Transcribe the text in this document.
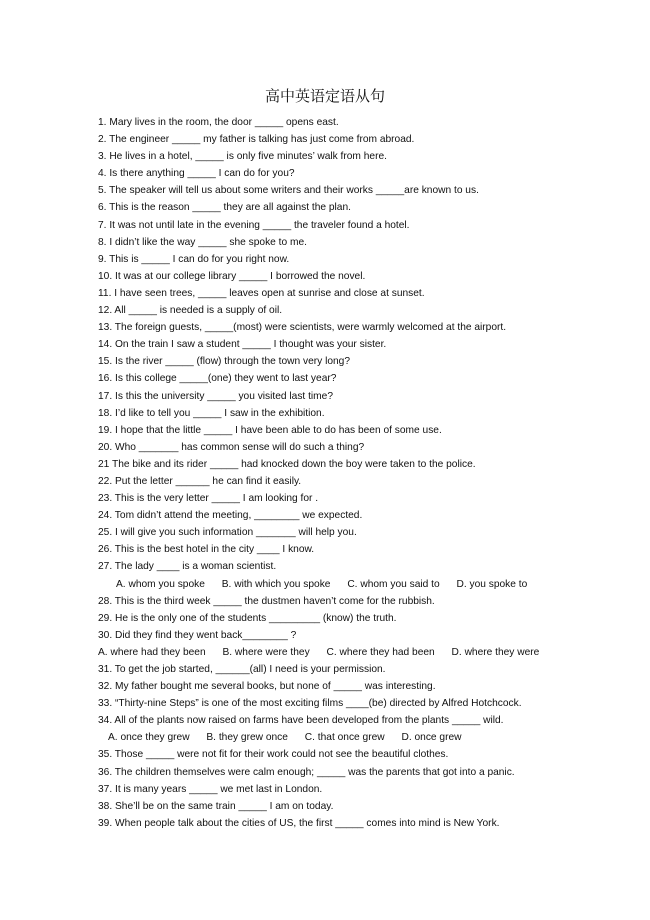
高中英语定语从句
1. Mary lives in the room, the door _____ opens east.
2. The engineer _____ my father is talking has just come from abroad.
3. He lives in a hotel, _____ is only five minutes’ walk from here.
4. Is there anything _____ I can do for you?
5. The speaker will tell us about some writers and their works _____are known to us.
6. This is the reason _____ they are all against the plan.
7. It was not until late in the evening _____ the traveler found a hotel.
8. I didn’t like the way _____ she spoke to me.
9. This is _____ I can do for you right now.
10. It was at our college library _____ I borrowed the novel.
11. I have seen trees, _____ leaves open at sunrise and close at sunset.
12. All _____ is needed is a supply of oil.
13. The foreign guests, _____(most) were scientists, were warmly welcomed at the airport.
14. On the train I saw a student _____ I thought was your sister.
15. Is the river _____ (flow) through the town very long?
16. Is this college _____(one) they went to last year?
17. Is this the university _____ you visited last time?
18. I’d like to tell you _____ I saw in the exhibition.
19. I hope that the little _____ I have been able to do has been of some use.
20. Who _______ has common sense will do such a thing?
21 The bike and its rider _____ had knocked down the boy were taken to the police.
22. Put the letter ______ he can find it easily.
23. This is the very letter _____ I am looking for .
24. Tom didn’t attend the meeting, ________ we expected.
25. I will give you such information _______ will help you.
26. This is the best hotel in the city ____ I know.
27. The lady ____ is a woman scientist.
A. whom you spoke B. with which you spoke C. whom you said to D. you spoke to
28. This is the third week _____ the dustmen haven’t come for the rubbish.
29. He is the only one of the students _________ (know) the truth.
30. Did they find they went back________ ?
A. where had they been B. where were they C. where they had been D. where they were
31. To get the job started, ______(all) I need is your permission.
32. My father bought me several books, but none of _____ was interesting.
33. “Thirty-nine Steps” is one of the most exciting films ____(be) directed by Alfred Hotchcock.
34. All of the plants now raised on farms have been developed from the plants _____ wild.
A. once they grew B. they grew once C. that once grew D. once grew
35. Those _____ were not fit for their work could not see the beautiful clothes.
36. The children themselves were calm enough; _____ was the parents that got into a panic.
37. It is many years _____ we met last in London.
38. She’ll be on the same train _____ I am on today.
39. When people talk about the cities of US, the first _____ comes into mind is New York.
